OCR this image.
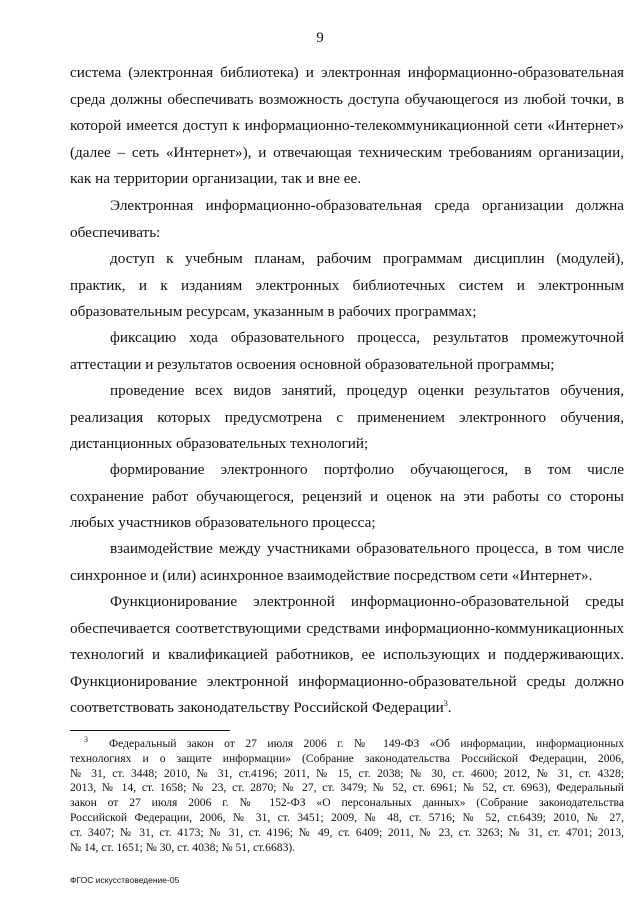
9
система (электронная библиотека) и электронная информационно-образовательная
среда должны обеспечивать возможность доступа обучающегося из любой точки, в
которой имеется доступ к информационно-телекоммуникационной сети «Интернет»
(далее – сеть «Интернет»), и отвечающая техническим требованиям организации,
как на территории организации, так и вне ее.
Электронная информационно-образовательная среда организации должна
обеспечивать:
доступ к учебным планам, рабочим программам дисциплин (модулей),
практик, и к изданиям электронных библиотечных систем и электронным
образовательным ресурсам, указанным в рабочих программах;
фиксацию хода образовательного процесса, результатов промежуточной
аттестации и результатов освоения основной образовательной программы;
проведение всех видов занятий, процедур оценки результатов обучения,
реализация которых предусмотрена с применением электронного обучения,
дистанционных образовательных технологий;
формирование электронного портфолио обучающегося, в том числе
сохранение работ обучающегося, рецензий и оценок на эти работы со стороны
любых участников образовательного процесса;
взаимодействие между участниками образовательного процесса, в том числе
синхронное и (или) асинхронное взаимодействие посредством сети «Интернет».
Функционирование электронной информационно-образовательной среды
обеспечивается соответствующими средствами информационно-коммуникационных
технологий и квалификацией работников, ее использующих и поддерживающих.
Функционирование электронной информационно-образовательной среды должно
соответствовать законодательству Российской Федерации$^3$.
$^3$ Федеральный закон от 27 июля 2006 г. № 149-ФЗ «Об информации, информационных
технологиях и о защите информации» (Собрание законодательства Российской Федерации, 2006,
№ 31, ст. 3448; 2010, № 31, ст.4196; 2011, № 15, ст. 2038; № 30, ст. 4600; 2012, № 31, ст. 4328;
2013, № 14, ст. 1658; № 23, ст. 2870; № 27, ст. 3479; № 52, ст. 6961; № 52, ст. 6963), Федеральный
закон от 27 июля 2006 г. № 152-ФЗ «О персональных данных» (Собрание законодательства
Российской Федерации, 2006, № 31, ст. 3451; 2009, № 48, ст. 5716; № 52, ст.6439; 2010, № 27,
ст. 3407; № 31, ст. 4173; № 31, ст. 4196; № 49, ст. 6409; 2011, № 23, ст. 3263; № 31, ст. 4701; 2013,
№ 14, ст. 1651; № 30, ст. 4038; № 51, ст.6683).
ФГОС искусствоведение-05
